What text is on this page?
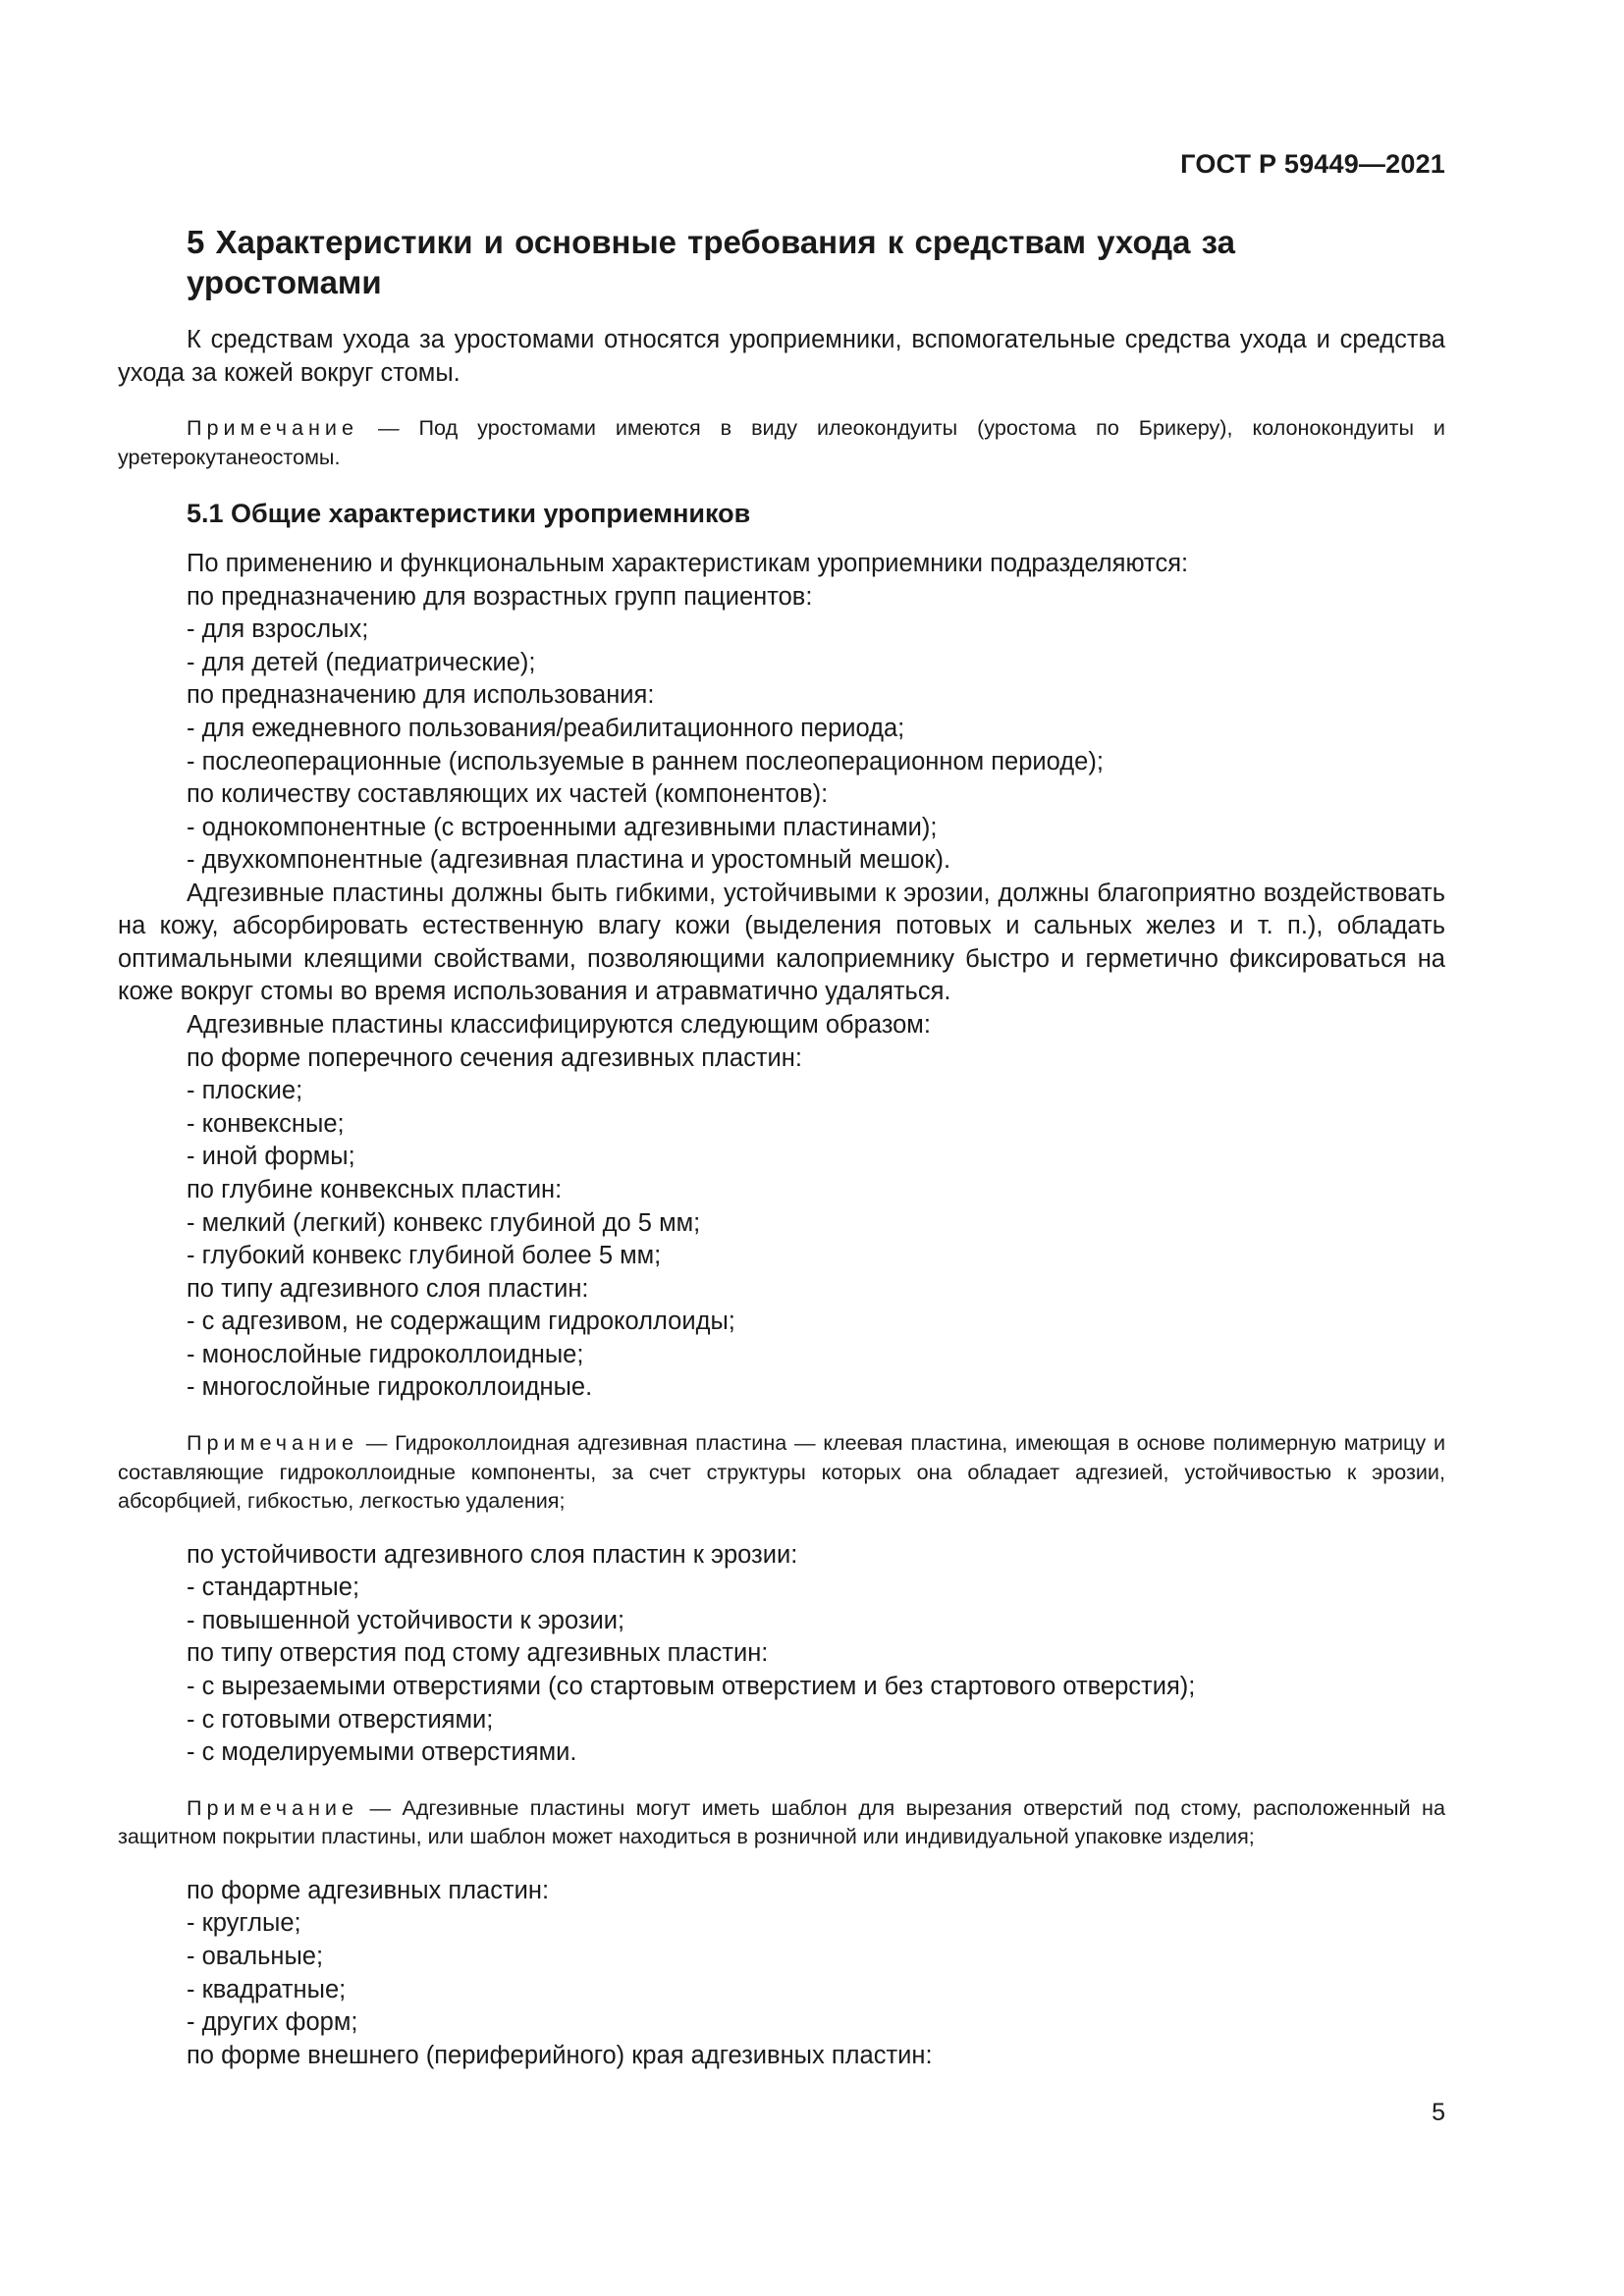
ГОСТ Р 59449—2021
5 Характеристики и основные требования к средствам ухода за уростомами

К средствам ухода за уростомами относятся уроприемники, вспомогательные средства ухода и средства ухода за кожей вокруг стомы.

Примечание — Под уростомами имеются в виду илеокондуиты (уростома по Брикеру), колонокондуиты и уретерокутанеостомы.

5.1 Общие характеристики уроприемников
По применению и функциональным характеристикам уроприемники подразделяются:
по предназначению для возрастных групп пациентов:
- для взрослых;
- для детей (педиатрические);
по предназначению для использования:
- для ежедневного пользования/реабилитационного периода;
- послеоперационные (используемые в раннем послеоперационном периоде);
по количеству составляющих их частей (компонентов):
- однокомпонентные (с встроенными адгезивными пластинами);
- двухкомпонентные (адгезивная пластина и уростомный мешок).

Адгезивные пластины должны быть гибкими, устойчивыми к эрозии, должны благоприятно воздействовать на кожу, абсорбировать естественную влагу кожи (выделения потовых и сальных желез и т. п.), обладать оптимальными клеящими свойствами, позволяющими калоприемнику быстро и герметично фиксироваться на коже вокруг стомы во время использования и атравматично удаляться.

Адгезивные пластины классифицируются следующим образом:
по форме поперечного сечения адгезивных пластин:
- плоские;
- конвексные;
- иной формы;
по глубине конвексных пластин:
- мелкий (легкий) конвекс глубиной до 5 мм;
- глубокий конвекс глубиной более 5 мм;
по типу адгезивного слоя пластин:
- с адгезивом, не содержащим гидроколлоиды;
- монослойные гидроколлоидные;
- многослойные гидроколлоидные.

Примечание — Гидроколлоидная адгезивная пластина — клеевая пластина, имеющая в основе полимерную матрицу и составляющие гидроколлоидные компоненты, за счет структуры которых она обладает адгезией, устойчивостью к эрозии, абсорбцией, гибкостью, легкостью удаления;

по устойчивости адгезивного слоя пластин к эрозии:
- стандартные;
- повышенной устойчивости к эрозии;
по типу отверстия под стому адгезивных пластин:
- с вырезаемыми отверстиями (со стартовым отверстием и без стартового отверстия);
- с готовыми отверстиями;
- с моделируемыми отверстиями.

Примечание — Адгезивные пластины могут иметь шаблон для вырезания отверстий под стому, расположенный на защитном покрытии пластины, или шаблон может находиться в розничной или индивидуальной упаковке изделия;

по форме адгезивных пластин:
- круглые;
- овальные;
- квадратные;
- других форм;
по форме внешнего (периферийного) края адгезивных пластин:
5
